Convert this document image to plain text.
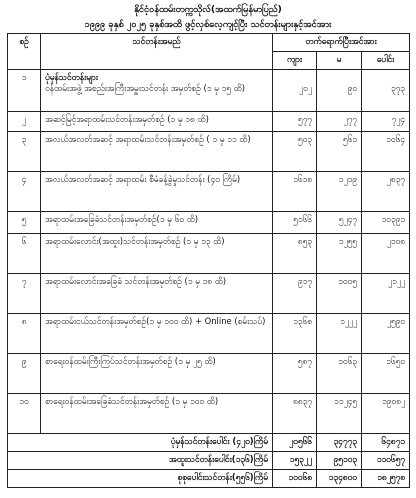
နိုင်ငံ့ဝန်ထမ်းတက္ကသိုလ်(အထက်မြန်မာပြည်)
၁၉၉၉ ခုနှစ် ၂၀၂၅ ခုနှစ်အထိ ဖွင့်လှစ်လေ့ကျင့်ပြီး သင်တန်းများနှင့်အင်အား
စဉ်	သင်တန်းအမည်	တက်ရောက်ပြီးအင်အား		
		ကျား	မ	ပေါင်း
၁	ပုံမှန်သင်တန်းများ
ဝန်ထမ်းအဖွဲ့ အစည်းအကြီးအမှူးသင်တန်း အမှတ်စဉ် (၁ မှ ၁၅ ထိ)	၂၀၂	၉၀	၃၇၃

၂	အဆင့်မြင့်အရာထမ်းသင်တန်းအမှတ်စဉ် (၁ မှ ၁၈ ထိ)	၅၇၇	၂၇၇	၇၂၄
၃	အလယ်အလတ်အဆင့် အရာထမ်းသင်တန်းအမှတ်စဉ် ( ၁ မှ ၁၁ ထိ)	၅၀၃	၅၆၁	၁၀၆၄
၄	အလယ်အလတ်အဆင့် အရာထမ်း စီမံခန့်ခွဲမှုသင်တန်း (၄၀ ကြိမ်)	၁၆၁၈	၁၂၁၉	၂၈၃၇
၅	အရာထမ်းအခြေခံသင်တန်းအမှတ်စဉ်(၁ မှ ၆၀ ထိ)	၅၁၆၆	၅၂၄၇	၁၀၃၉၁
၆	အရာထမ်းလောင်း(အထူး)သင်တန်းအမှတ်စဉ် (၁ မှ ၁၃ ထိ)	၈၅၃	၁၂၅၅	၂၁၀၈
၇	အရာထမ်းလောင်းအခြေခံ သင်တန်းအမှတ်စဉ် (၁ မှ ၁၈ ထိ)	၉၁၇	၁၀၀၅	၂၁၂၂
၈	အရာထမ်းငယ်သင်တန်းအမှတ်စဉ်(၁ မှ ၁၀၀ ထိ) + Online (စမ်းသပ်)	၁၃၆၈	၁၂၂၂	၂၅၉၀
၉	စာရေးဝန်ထမ်းကြီးကြပ်သင်တန်းအမှတ်စဉ် (၁ မှ ၂၅ ထိ)	၅၈၇	၁၀၆၃	၁၆၅၀
၁၀	စာရေးဝန်ထမ်းအခြေခံသင်တန်းအမှတ်စဉ် (၁ မှ ၁၀၀ ထိ)	၈၈၃၇	၁၁၂၄၅	၁၉၀၈၂
ပုံမှန်သင်တန်းပေါင်း (၄၂၀)ကြိမ်		၂၀၅၆၆	၃၄၇၇၃	၆၄၈၇၁
အထူးသင်တန်းပေါင်း(၁၃၆)ကြိမ်		၁၅၃၂၂	၉၅၁၀၃	၁၁၀၆၅၇
စုစုပေါင်းသင်တန်း(၅၅၆)ကြိမ်		၁၀၀၆၈	၁၃၄၈၀၀	၁၈၂၅၇၈
